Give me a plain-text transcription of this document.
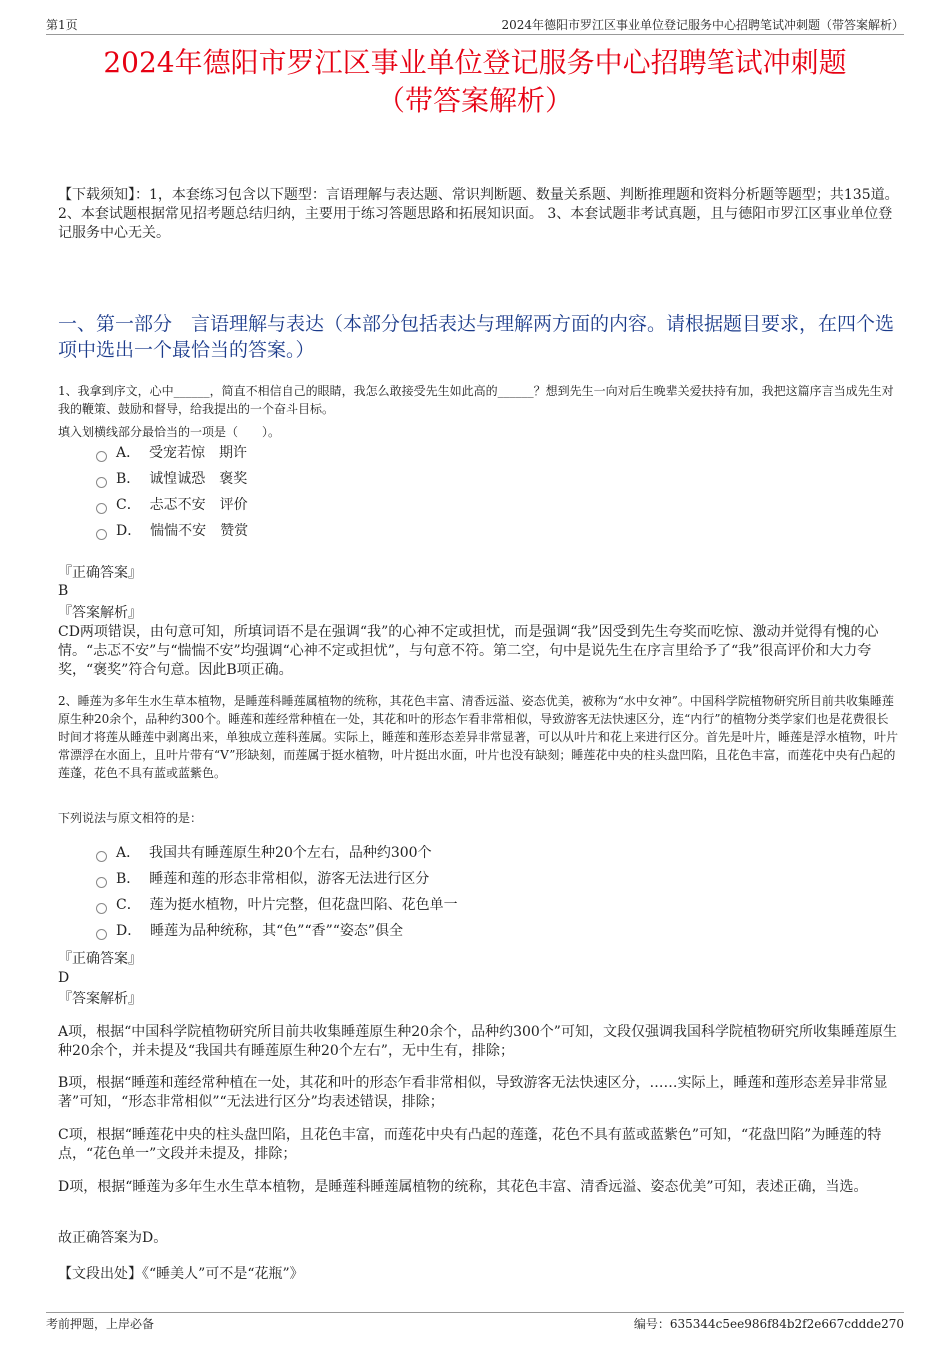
第1页	2024年德阳市罗江区事业单位登记服务中心招聘笔试冲刺题（带答案解析）
2024年德阳市罗江区事业单位登记服务中心招聘笔试冲刺题
（带答案解析）
【下载须知】：1，本套练习包含以下题型：言语理解与表达题、常识判断题、数量关系题、判断推理题和资料分析题等题型；共135道。 2、本套试题根据常见招考题总结归纳，主要用于练习答题思路和拓展知识面。 3、本套试题非考试真题，且与德阳市罗江区事业单位登记服务中心无关。
一、第一部分　言语理解与表达（本部分包括表达与理解两方面的内容。请根据题目要求，在四个选项中选出一个最恰当的答案。）
1、我拿到序文，心中______，简直不相信自己的眼睛，我怎么敢接受先生如此高的______？想到先生一向对后生晚辈关爱扶持有加，我把这篇序言当成先生对我的鞭策、鼓励和督导，给我提出的一个奋斗目标。
填入划横线部分最恰当的一项是（　　）。
A． 受宠若惊　期许
B． 诚惶诚恐　褒奖
C． 忐忑不安　评价
D． 惴惴不安　赞赏
『正确答案』
B
『答案解析』
CD两项错误，由句意可知，所填词语不是在强调“我”的心神不定或担忧，而是强调“我”因受到先生夸奖而吃惊、激动并觉得有愧的心情。“忐忑不安”与“惴惴不安”均强调“心神不定或担忧”，与句意不符。第二空，句中是说先生在序言里给予了“我”很高评价和大力夸奖，“褒奖”符合句意。因此B项正确。
2、睡莲为多年生水生草本植物，是睡莲科睡莲属植物的统称，其花色丰富、清香远溢、姿态优美，被称为“水中女神”。中国科学院植物研究所目前共收集睡莲原生种20余个，品种约300个。睡莲和莲经常种植在一处，其花和叶的形态乍看非常相似，导致游客无法快速区分，连“内行”的植物分类学家们也是花费很长时间才将莲从睡莲中剥离出来，单独成立莲科莲属。实际上，睡莲和莲形态差异非常显著，可以从叶片和花上来进行区分。首先是叶片，睡莲是浮水植物，叶片常漂浮在水面上，且叶片带有“V”形缺刻，而莲属于挺水植物，叶片挺出水面，叶片也没有缺刻；睡莲花中央的柱头盘凹陷，且花色丰富，而莲花中央有凸起的莲蓬，花色不具有蓝或蓝紫色。
下列说法与原文相符的是：
A． 我国共有睡莲原生种20个左右，品种约300个
B． 睡莲和莲的形态非常相似，游客无法进行区分
C． 莲为挺水植物，叶片完整，但花盘凹陷、花色单一
D． 睡莲为品种统称，其“色”“香”“姿态”俱全
『正确答案』
D
『答案解析』
A项，根据“中国科学院植物研究所目前共收集睡莲原生种20余个，品种约300个”可知，文段仅强调我国科学院植物研究所收集睡莲原生种20余个，并未提及“我国共有睡莲原生种20个左右”，无中生有，排除；
B项，根据“睡莲和莲经常种植在一处，其花和叶的形态乍看非常相似，导致游客无法快速区分，……实际上，睡莲和莲形态差异非常显著”可知，“形态非常相似”“无法进行区分”均表述错误，排除；
C项，根据“睡莲花中央的柱头盘凹陷，且花色丰富，而莲花中央有凸起的莲蓬，花色不具有蓝或蓝紫色”可知，“花盘凹陷”为睡莲的特点，“花色单一”文段并未提及，排除；
D项，根据“睡莲为多年生水生草本植物，是睡莲科睡莲属植物的统称，其花色丰富、清香远溢、姿态优美”可知，表述正确，当选。
故正确答案为D。
【文段出处】《“睡美人”可不是“花瓶”》
考前押题，上岸必备	编号：635344c5ee986f84b2f2e667cddde270
